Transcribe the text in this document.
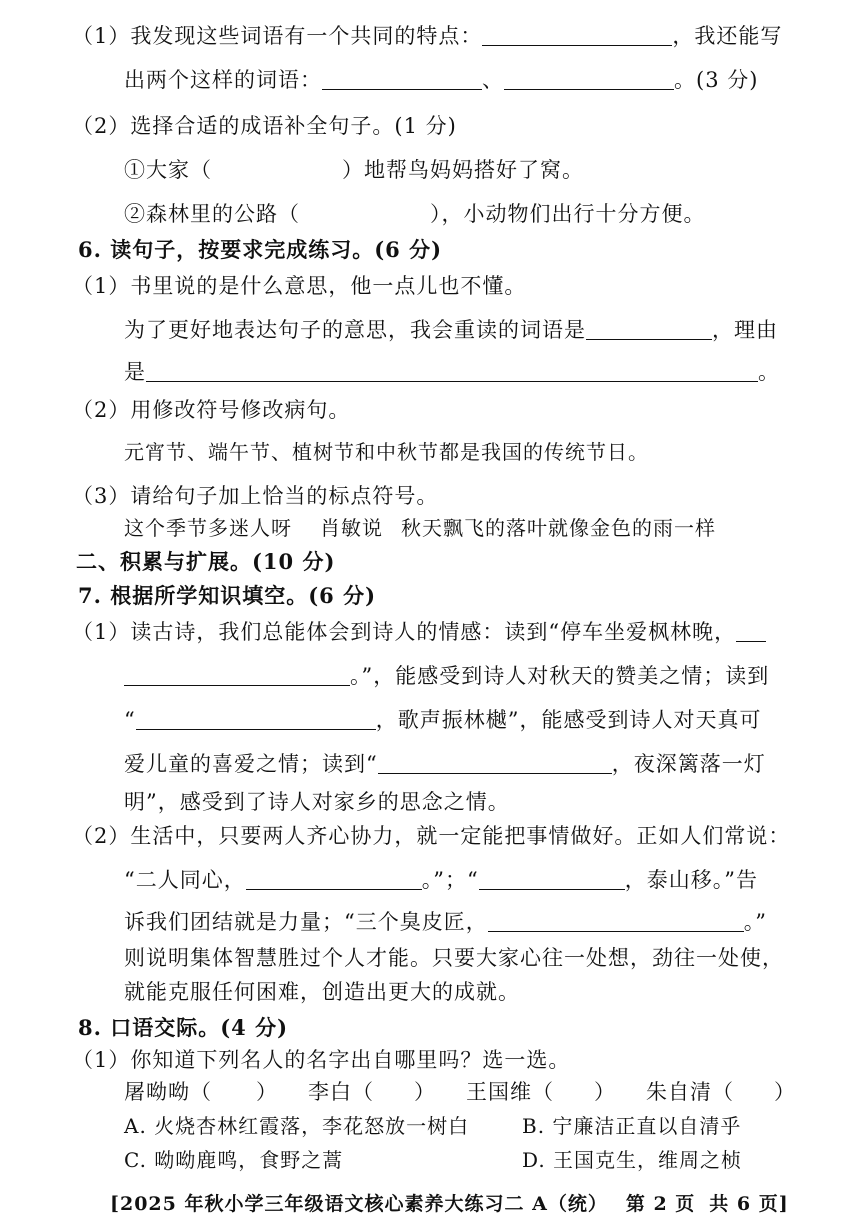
（1）我发现这些词语有一个共同的特点：	，我还能写
出两个这样的词语：	、	。(3 分)
（2）选择合适的成语补全句子。(1 分)
①大家（	）地帮鸟妈妈搭好了窝。
②森林里的公路（	），小动物们出行十分方便。
6. 读句子，按要求完成练习。(6 分)
（1）书里说的是什么意思，他一点儿也不懂。
为了更好地表达句子的意思，我会重读的词语是	，理由
是	。
（2）用修改符号修改病句。
元宵节、端午节、植树节和中秋节都是我国的传统节日。
（3）请给句子加上恰当的标点符号。
这个季节多迷人呀 肖敏说 秋天飘飞的落叶就像金色的雨一样
二、积累与扩展。(10 分)
7. 根据所学知识填空。(6 分)
（1）读古诗，我们总能体会到诗人的情感：读到“停车坐爱枫林晚，
。”，能感受到诗人对秋天的赞美之情；读到
“	，歌声振林樾”，能感受到诗人对天真可
爱儿童的喜爱之情；读到“	，夜深篱落一灯
明”，感受到了诗人对家乡的思念之情。
（2）生活中，只要两人齐心协力，就一定能把事情做好。正如人们常说：
“二人同心，	。”；“	，泰山移。”告
诉我们团结就是力量；“三个臭皮匠，	。”
则说明集体智慧胜过个人才能。只要大家心往一处想，劲往一处使，
就能克服任何困难，创造出更大的成就。
8. 口语交际。(4 分)
（1）你知道下列名人的名字出自哪里吗？选一选。
屠呦呦（ ） 李白（ ） 王国维（ ） 朱自清（ ）
A. 火烧杏林红霞落，李花怒放一树白	B. 宁廉洁正直以自清乎
C. 呦呦鹿鸣，食野之蒿	D. 王国克生，维周之桢
[2025 年秋小学三年级语文核心素养大练习二 A（统） 第 2 页 共 6 页]
